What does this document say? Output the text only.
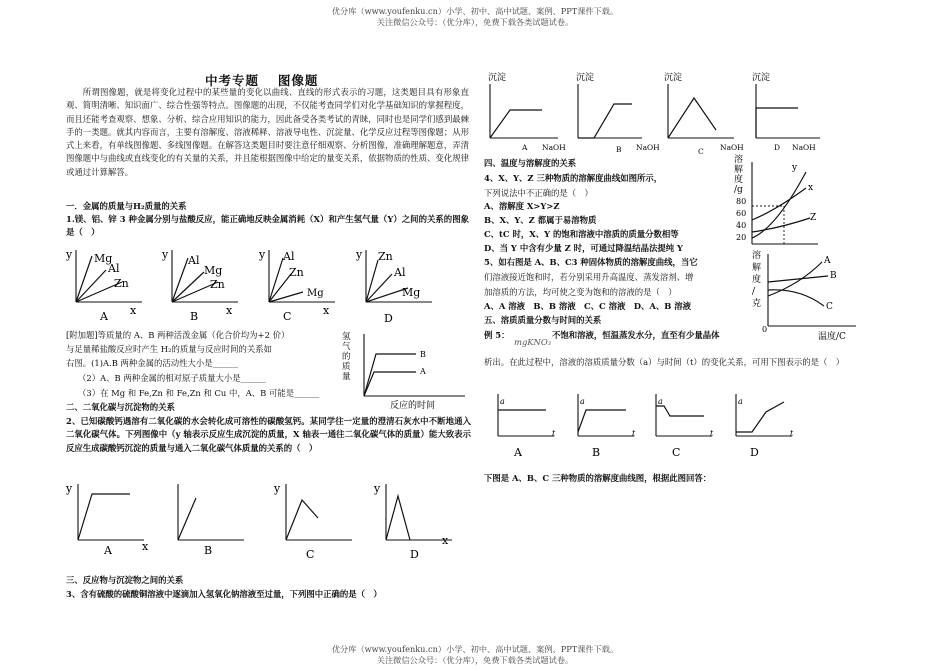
优分库（www.youfenku.cn）小学、初中、高中试题、案例、PPT课件下载。
关注微信公众号：（优分库），免费下载各类试题试卷。
优分库（www.youfenku.cn）小学、初中、高中试题、案例、PPT课件下载。
关注微信公众号：（优分库），免费下载各类试题试卷。
中考专题　 图像题
所谓图像题，就是将变化过程中的某些量的变化以曲线、直线的形式表示的习题，这类题目具有形象直观、简明清晰、知识面广、综合性强等特点。图像题的出现，不仅能考查同学们对化学基础知识的掌握程度，而且还能考查观察、想象、分析、综合应用知识的能力，因此备受各类考试的青睐，同时也是同学们感到最棘手的一类题。就其内容而言，主要有溶解度、溶液稀释、溶液导电性、沉淀量、化学反应过程等图像题；从形式上来看，有单线图像题、多线图像题。在解答这类题目时要注意仔细观察、分析图像，准确理解题意，弄清图像题中与曲线或直线变化的有关量的关系，并且能根据图像中给定的量变关系，依据物质的性质、变化规律或通过计算解答。
一．金属的质量与H₂质量的关系
1.镁、铝、锌 3 种金属分别与盐酸反应，能正确地反映金属消耗（X）和产生氢气量（Y）之间的关系的图象是（　）
y
x
Mg
Al
Zn
A
y
x
Al
Mg
Zn
B
y
x
Al
Zn
Mg
C
y Zn
Al
Mg
D
[附加题]等质量的 A、B 两种活泼金属（化合价均为+2 价）
与足量稀盐酸反应时产生 H₂的质量与反应时间的关系如
右图。(1)A.B 两种金属的活动性大小是______
（2）A、B 两种金属的相对原子质量大小是______
（3）在 Mg 和 Fe,Zn 和 Fe,Zn 和 Cu 中，A、B 可能是______
氢
气
的
质
量
B
A
反应的时间
二、二氧化碳与沉淀物的关系
2、已知碳酸钙遇溶有二氧化碳的水会转化成可溶性的碳酸氢钙。某同学往一定量的澄清石灰水中不断地通入二氧化碳气体。下列图像中（y 轴表示反应生成沉淀的质量，X 轴表一通往二氧化碳气体的质量）能大致表示反应生成碳酸钙沉淀的质量与通入二氧化碳气体质量的关系的（　）
y
x
A	B
y
C
y
x
D
三、反应物与沉淀物之间的关系
3、含有硫酸的硫酸铜溶液中逐滴加入氢氧化钠溶液至过量，下列图中正确的是（　）
沉淀
A NaOH
沉淀
B NaOH
沉淀
C NaOH
沉淀
D NaOH
四、温度与溶解度的关系
4、X、Y、Z 三种物质的溶解度曲线如图所示，
下列说法中不正确的是（　）
A、溶解度 X>Y>Z
B、X、Y、Z 都属于易溶物质
C、tC 时，X、Y 的饱和溶液中溶质的质量分数相等
D、当 Y 中含有少量 Z 时，可通过降温结晶法提纯 Y
5、如右图是 A、B、C3 种固体物质的溶解度曲线，当它
们溶液接近饱和时，若分别采用升高温度、蒸发溶剂、增
加溶质的方法，均可使之变为饱和的溶液的是（　）
A、A 溶液　B、B 溶液　C、C 溶液　D、A、B 溶液
溶
解
度
/g
80
60
40
20
y
x
Z
溶
解
度
/
克
0
A
B
C
温度/C
五、溶质质量分数与时间的关系
例 5：
mgKNO₃
不饱和溶液，恒温蒸发水分，直至有少量晶体
析出。在此过程中，溶液的溶质质量分数（a）与时间（t）的变化关系，可用下图表示的是（　）
a
t
A
a
t
B
a
t
C
a
t
D
下图是 A、B、C 三种物质的溶解度曲线图，根据此图回答：
